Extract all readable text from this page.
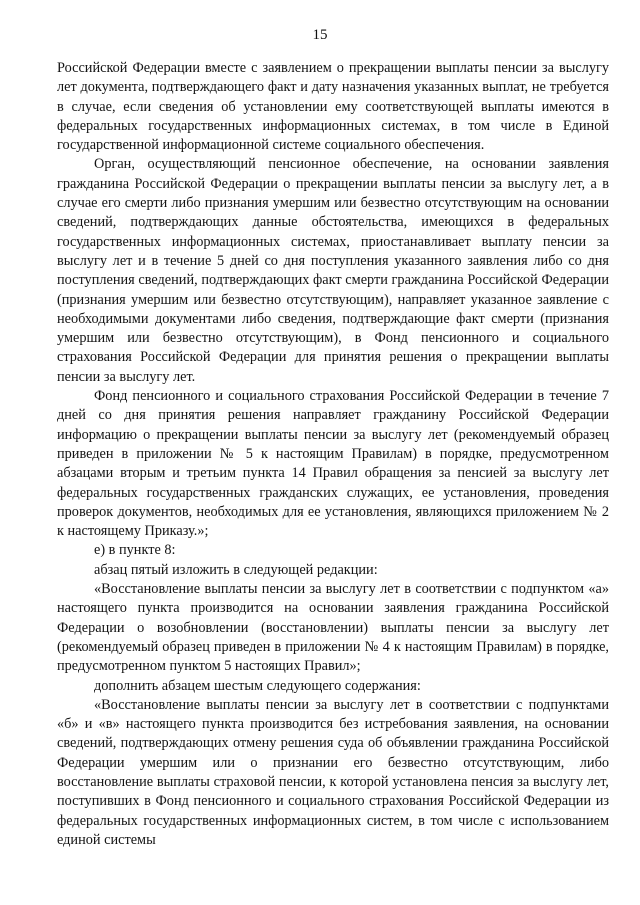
15

Российской Федерации вместе с заявлением о прекращении выплаты пенсии за выслугу лет документа, подтверждающего факт и дату назначения указанных выплат, не требуется в случае, если сведения об установлении ему соответствующей выплаты имеются в федеральных государственных информационных системах, в том числе в Единой государственной информационной системе социального обеспечения.

Орган, осуществляющий пенсионное обеспечение, на основании заявления гражданина Российской Федерации о прекращении выплаты пенсии за выслугу лет, а в случае его смерти либо признания умершим или безвестно отсутствующим на основании сведений, подтверждающих данные обстоятельства, имеющихся в федеральных государственных информационных системах, приостанавливает выплату пенсии за выслугу лет и в течение 5 дней со дня поступления указанного заявления либо со дня поступления сведений, подтверждающих факт смерти гражданина Российской Федерации (признания умершим или безвестно отсутствующим), направляет указанное заявление с необходимыми документами либо сведения, подтверждающие факт смерти (признания умершим или безвестно отсутствующим), в Фонд пенсионного и социального страхования Российской Федерации для принятия решения о прекращении выплаты пенсии за выслугу лет.

Фонд пенсионного и социального страхования Российской Федерации в течение 7 дней со дня принятия решения направляет гражданину Российской Федерации информацию о прекращении выплаты пенсии за выслугу лет (рекомендуемый образец приведен в приложении № 5 к настоящим Правилам) в порядке, предусмотренном абзацами вторым и третьим пункта 14 Правил обращения за пенсией за выслугу лет федеральных государственных гражданских служащих, ее установления, проведения проверок документов, необходимых для ее установления, являющихся приложением № 2 к настоящему Приказу.»;

е) в пункте 8:

абзац пятый изложить в следующей редакции:

«Восстановление выплаты пенсии за выслугу лет в соответствии с подпунктом «а» настоящего пункта производится на основании заявления гражданина Российской Федерации о возобновлении (восстановлении) выплаты пенсии за выслугу лет (рекомендуемый образец приведен в приложении № 4 к настоящим Правилам) в порядке, предусмотренном пунктом 5 настоящих Правил»;

дополнить абзацем шестым следующего содержания:

«Восстановление выплаты пенсии за выслугу лет в соответствии с подпунктами «б» и «в» настоящего пункта производится без истребования заявления, на основании сведений, подтверждающих отмену решения суда об объявлении гражданина Российской Федерации умершим или о признании его безвестно отсутствующим, либо восстановление выплаты страховой пенсии, к которой установлена пенсия за выслугу лет, поступивших в Фонд пенсионного и социального страхования Российской Федерации из федеральных государственных информационных систем, в том числе с использованием единой системы
